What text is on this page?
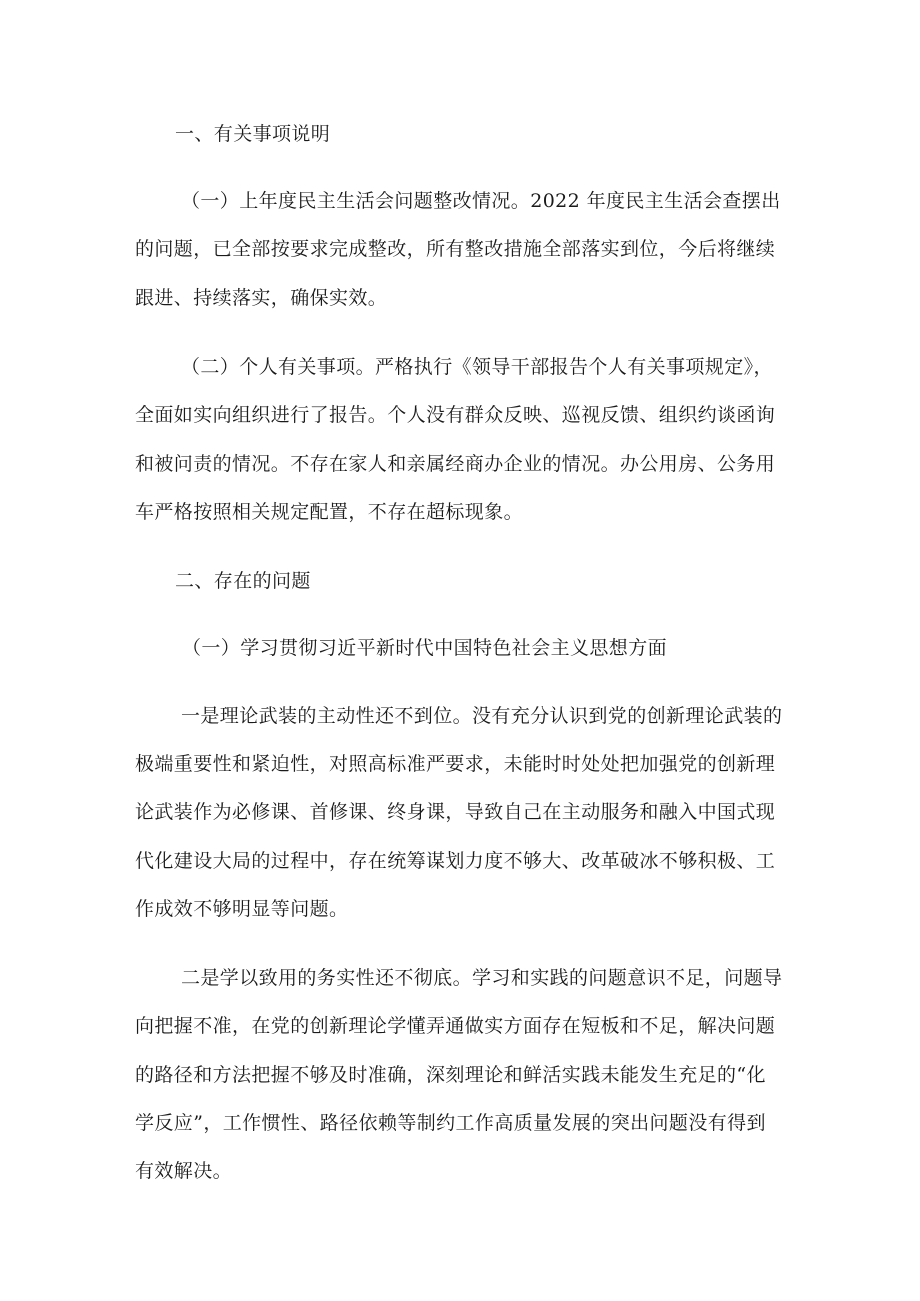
一、有关事项说明

（一）上年度民主生活会问题整改情况。2022 年度民主生活会查摆出

的问题，已全部按要求完成整改，所有整改措施全部落实到位，今后将继续

跟进、持续落实，确保实效。

（二）个人有关事项。严格执行《领导干部报告个人有关事项规定》，

全面如实向组织进行了报告。个人没有群众反映、巡视反馈、组织约谈函询

和被问责的情况。不存在家人和亲属经商办企业的情况。办公用房、公务用

车严格按照相关规定配置，不存在超标现象。

二、存在的问题

（一）学习贯彻习近平新时代中国特色社会主义思想方面

一是理论武装的主动性还不到位。没有充分认识到党的创新理论武装的

极端重要性和紧迫性，对照高标准严要求，未能时时处处把加强党的创新理

论武装作为必修课、首修课、终身课，导致自己在主动服务和融入中国式现

代化建设大局的过程中，存在统筹谋划力度不够大、改革破冰不够积极、工

作成效不够明显等问题。

二是学以致用的务实性还不彻底。学习和实践的问题意识不足，问题导

向把握不准，在党的创新理论学懂弄通做实方面存在短板和不足，解决问题

的路径和方法把握不够及时准确，深刻理论和鲜活实践未能发生充足的“化

学反应”，工作惯性、路径依赖等制约工作高质量发展的突出问题没有得到

有效解决。
